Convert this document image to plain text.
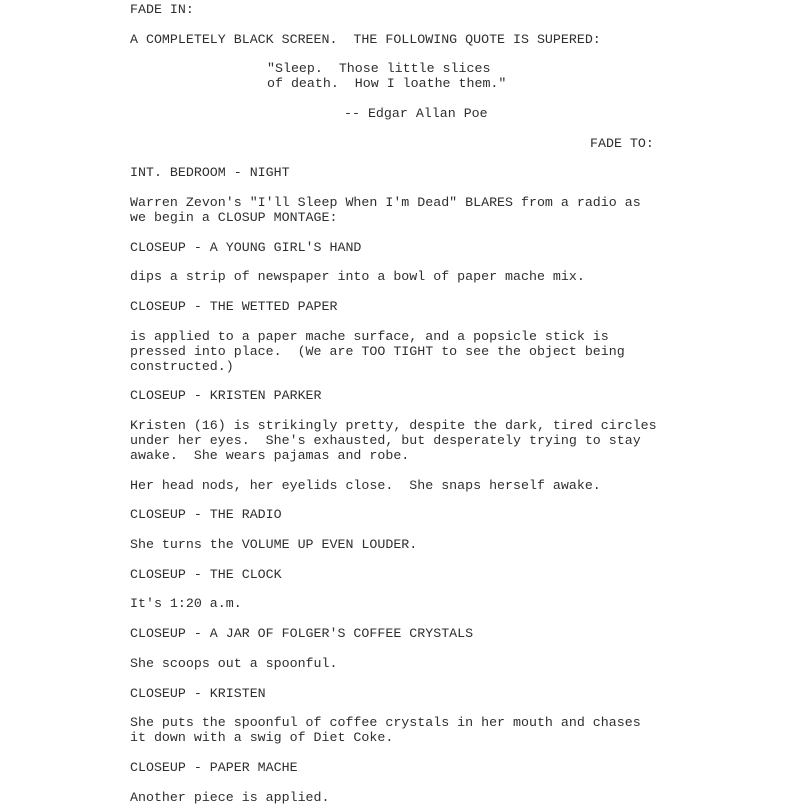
FADE IN:
A COMPLETELY BLACK SCREEN.  THE FOLLOWING QUOTE IS SUPERED:
"Sleep.  Those little slices
of death.  How I loathe them."
-- Edgar Allan Poe
FADE TO:
INT. BEDROOM - NIGHT
Warren Zevon's "I'll Sleep When I'm Dead" BLARES from a radio as
we begin a CLOSUP MONTAGE:
CLOSEUP - A YOUNG GIRL'S HAND
dips a strip of newspaper into a bowl of paper mache mix.
CLOSEUP - THE WETTED PAPER
is applied to a paper mache surface, and a popsicle stick is
pressed into place.  (We are TOO TIGHT to see the object being
constructed.)
CLOSEUP - KRISTEN PARKER
Kristen (16) is strikingly pretty, despite the dark, tired circles
under her eyes.  She's exhausted, but desperately trying to stay
awake.  She wears pajamas and robe.
Her head nods, her eyelids close.  She snaps herself awake.
CLOSEUP - THE RADIO
She turns the VOLUME UP EVEN LOUDER.
CLOSEUP - THE CLOCK
It's 1:20 a.m.
CLOSEUP - A JAR OF FOLGER'S COFFEE CRYSTALS
She scoops out a spoonful.
CLOSEUP - KRISTEN
She puts the spoonful of coffee crystals in her mouth and chases
it down with a swig of Diet Coke.
CLOSEUP - PAPER MACHE
Another piece is applied.
